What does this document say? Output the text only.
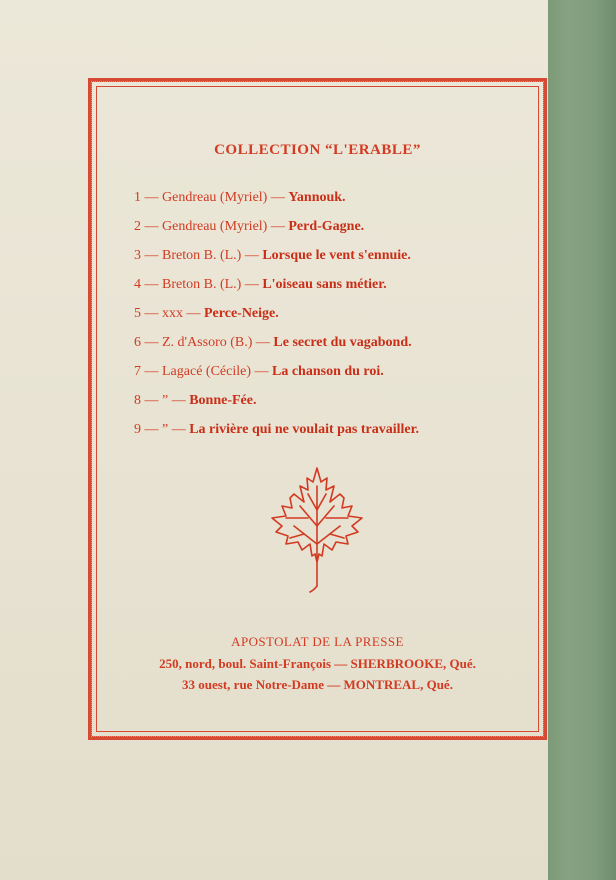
COLLECTION “L'ERABLE”
1 — Gendreau (Myriel) — Yannouk.
2 — Gendreau (Myriel) — Perd-Gagne.
3 — Breton B. (L.) — Lorsque le vent s'ennuie.
4 — Breton B. (L.) — L'oiseau sans métier.
5 — xxx — Perce-Neige.
6 — Z. d'Assoro (B.) — Le secret du vagabond.
7 — Lagacé (Cécile) — La chanson du roi.
8 — ” — Bonne-Fée.
9 — ” — La rivière qui ne voulait pas travailler.
APOSTOLAT DE LA PRESSE
250, nord, boul. Saint-François — SHERBROOKE, Qué.
33 ouest, rue Notre-Dame — MONTREAL, Qué.
